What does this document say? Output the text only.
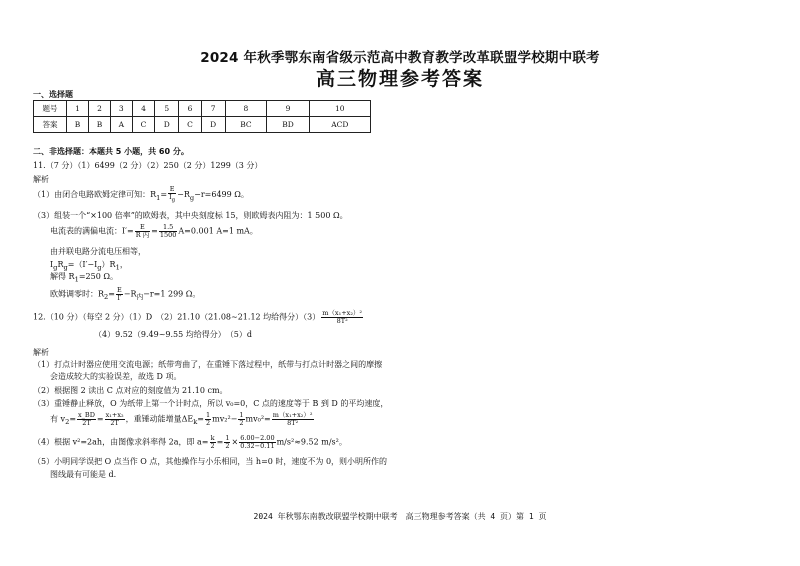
2024 年秋季鄂东南省级示范高中教育教学改革联盟学校期中联考
高三物理参考答案
一、选择题
题号	1	2	3	4	5	6	7	8	9	10
答案	B	B	A	C	D	C	D	BC	BD	ACD
二、非选择题：本题共 5 小题，共 60 分。
11.（7 分）（1）6499（2 分）（2）250（2 分）1299（3 分）
解析
（1）由闭合电路欧姆定律可知：$R_1= \frac{E}{I_g} -R_g-r=6499$ Ω。
（3）组装一个“×100 倍率”的欧姆表，其中央刻度标 15，则欧姆表内阻为：1 500 Ω。
电流表的满偏电流：$I'= \frac{E}{\text{R 内}} = \frac{1.5}{1500} A=0.001$ A=1 mA。
由并联电路分流电压相等，
$I_gR_g=(I'-I_g)R_1$，
解得 $R_1=250$ Ω。
欧姆调零时：$R_2= \frac{E}{I'} -R_内-r=1$ 299 Ω。
12.（10 分）（每空 2 分）（1）D　（2）21.10（21.08~21.12 均给得分）$(3) \frac{\text{m（x₁+x₂）²}}{\text{8T²}}$
（4）9.52（9.49~9.55 均给得分）　（5）d
解析
（1）打点计时器应使用交流电源；纸带弯曲了，在重锤下落过程中，纸带与打点计时器之间的摩擦
会造成较大的实验误差，故选 D 项。
（2）根据图 2 读出 C 点对应的刻度值为 21.10 cm。
（3）重锤静止释放，O 为纸带上第一个计时点，所以 v₀=0，C 点的速度等于 B 到 D 的平均速度，
有 $v_2= \frac{x\_BD}{2T} = \frac{\text{x₁+x₂}}{2T}$ ，重锤动能增量$\Delta E_k= \frac{1}{2} mv_2^2- \frac{1}{2} mv_0^2= \frac{\text{m（x₁+x₂）²}}{\text{8T²}}$
（4）根据 v²=2ah，由图像求斜率得 2a，即 $a= \frac{k}{2} = \frac{1}{2} \times \frac{6.00-2.00}{0.32-0.11} m/s^2\approx 9.52$ m/s²。
（5）小明同学误把 O 点当作 O 点，其他操作与小乐相同，当 h=0 时，速度不为 0，则小明所作的
图线最有可能是 d.
2024 年秋鄂东南教改联盟学校期中联考　高三物理参考答案（共 4 页）第 1 页
